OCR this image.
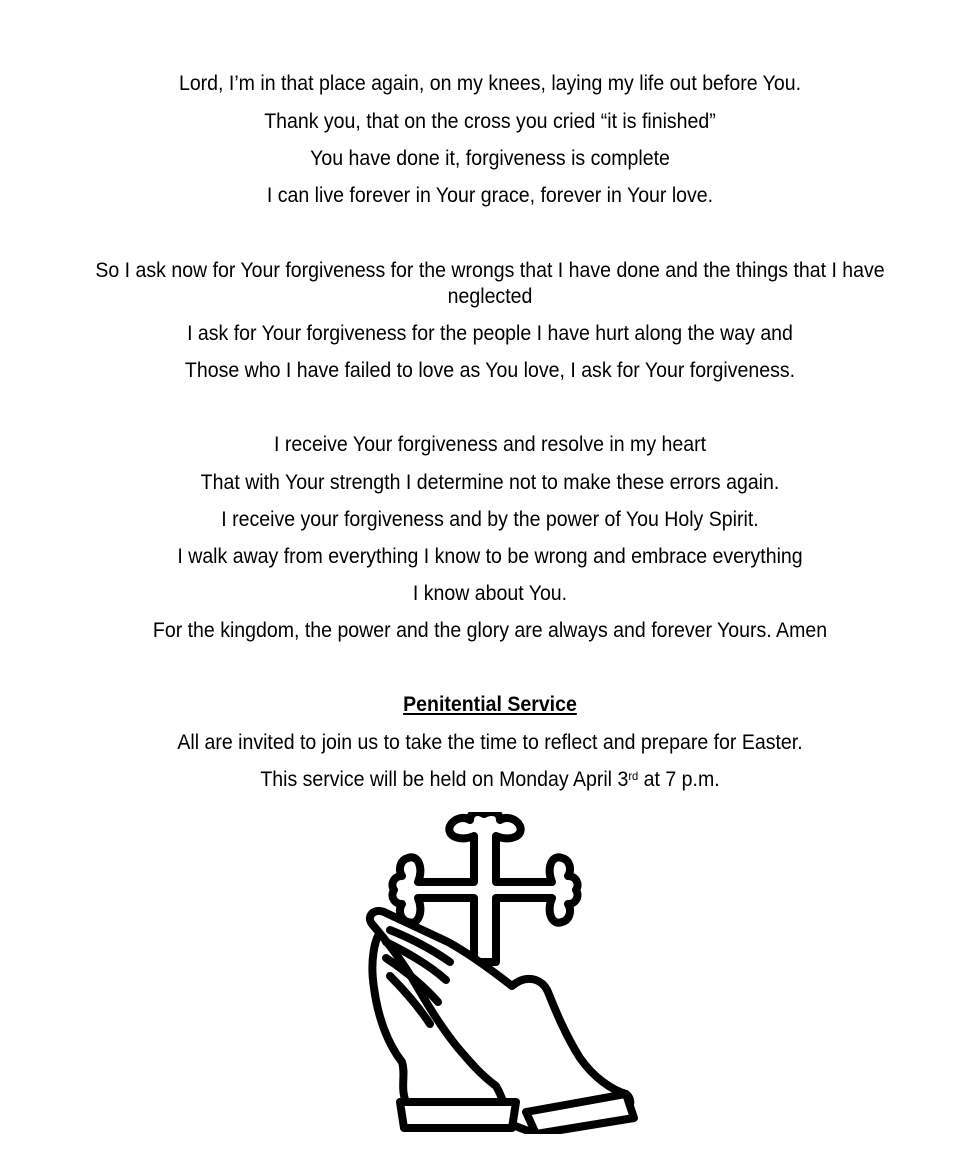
Lord, I’m in that place again, on my knees, laying my life out before You.
Thank you, that on the cross you cried “it is finished”
You have done it, forgiveness is complete
I can live forever in Your grace, forever in Your love.
So I ask now for Your forgiveness for the wrongs that I have done and the things that I have neglected
I ask for Your forgiveness for the people I have hurt along the way and
Those who I have failed to love as You love, I ask for Your forgiveness.
I receive Your forgiveness and resolve in my heart
That with Your strength I determine not to make these errors again.
I receive your forgiveness and by the power of You Holy Spirit.
I walk away from everything I know to be wrong and embrace everything
I know about You.
For the kingdom, the power and the glory are always and forever Yours. Amen
Penitential Service
All are invited to join us to take the time to reflect and prepare for Easter.
This service will be held on Monday April 3rd at 7 p.m.
